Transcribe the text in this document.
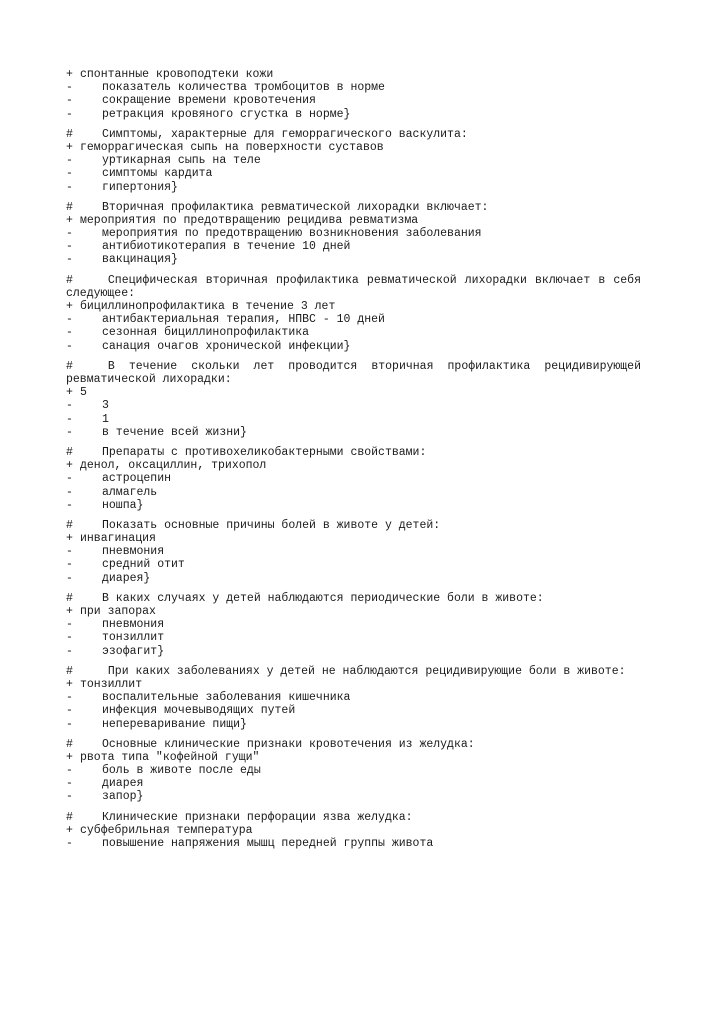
+ спонтанные кровоподтеки кожи
-	показатель количества тромбоцитов в норме
-	сокращение времени кровотечения
-	ретракция кровяного сгустка в норме}
#	Симптомы, характерные для геморрагического васкулита:
+ геморрагическая сыпь на поверхности суставов
-	уртикарная сыпь на теле
-	симптомы кардита
-	гипертония}
#	Вторичная профилактика ревматической лихорадки включает:
+ мероприятия по предотвращению рецидива ревматизма
-	мероприятия по предотвращению возникновения заболевания
-	антибиотикотерапия в течение 10 дней
-	вакцинация}
#	Специфическая вторичная профилактика ревматической лихорадки включает в себя следующее:
+ бициллинопрофилактика в течение 3 лет
-	антибактериальная терапия, НПВС - 10 дней
-	сезонная бициллинопрофилактика
-	санация очагов хронической инфекции}
#	В течение скольки лет проводится вторичная профилактика рецидивирующей ревматической лихорадки:
+ 5
-	3
-	1
-	в течение всей жизни}
#	Препараты с противохеликобактерными свойствами:
+ денол, оксациллин, трихопол
-	астроцепин
-	алмагель
-	ношпа}
#	Показать основные причины болей в животе у детей:
+ инвагинация
-	пневмония
-	средний отит
-	диарея}
#	В каких случаях у детей наблюдаются периодические боли в животе:
+ при запорах
-	пневмония
-	тонзиллит
-	эзофагит}
#	При каких заболеваниях у детей не наблюдаются рецидивирующие боли в животе:
+ тонзиллит
-	воспалительные заболевания кишечника
-	инфекция мочевыводящих путей
-	непереваривание пищи}
#	Основные клинические признаки кровотечения из желудка:
+ рвота типа "кофейной гущи"
-	боль в животе после еды
-	диарея
-	запор}
#	Клинические признаки перфорации язва желудка:
+ субфебрильная температура
-	повышение напряжения мышц передней группы живота
